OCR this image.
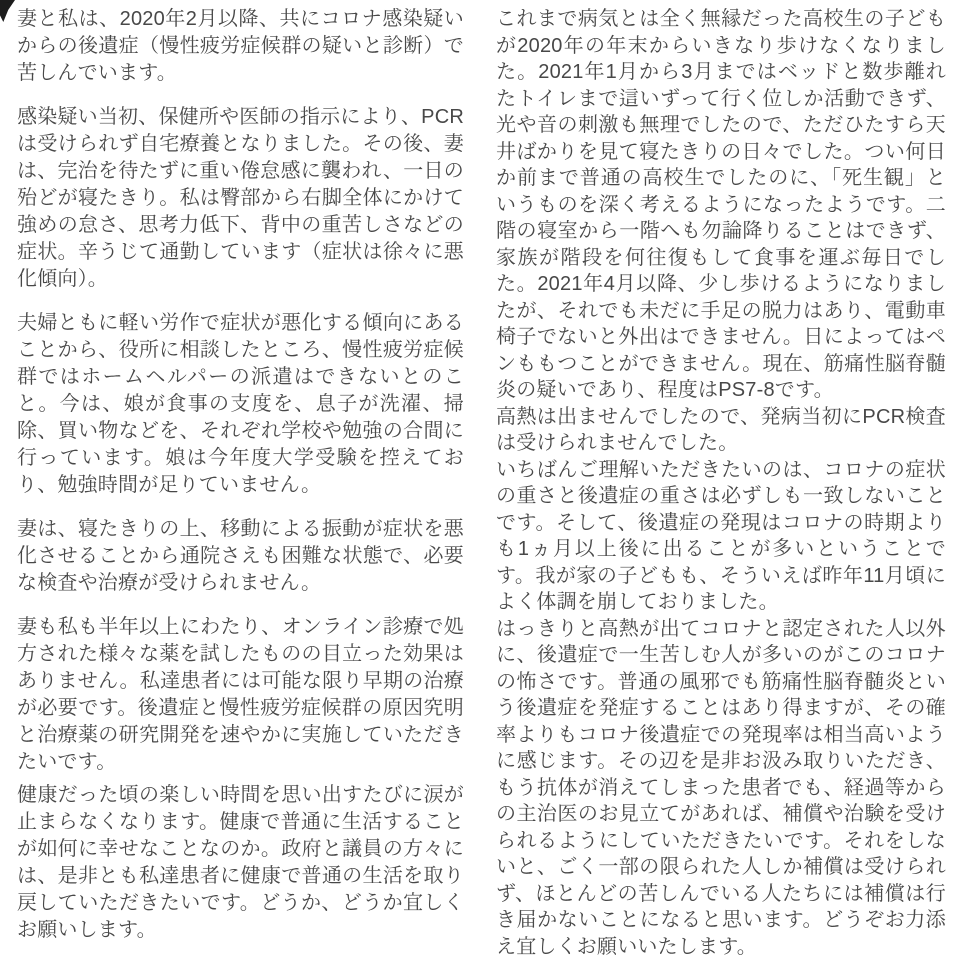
妻と私は、2020年2月以降、共にコロナ感染疑いからの後遺症（慢性疲労症候群の疑いと診断）で苦しんでいます。

感染疑い当初、保健所や医師の指示により、PCRは受けられず自宅療養となりました。その後、妻は、完治を待たずに重い倦怠感に襲われ、一日の殆どが寝たきり。私は臀部から右脚全体にかけて強めの怠さ、思考力低下、背中の重苦しさなどの症状。辛うじて通勤しています（症状は徐々に悪化傾向）。

夫婦ともに軽い労作で症状が悪化する傾向にあることから、役所に相談したところ、慢性疲労症候群ではホームヘルパーの派遣はできないとのこと。今は、娘が食事の支度を、息子が洗濯、掃除、買い物などを、それぞれ学校や勉強の合間に行っています。娘は今年度大学受験を控えており、勉強時間が足りていません。

妻は、寝たきりの上、移動による振動が症状を悪化させることから通院さえも困難な状態で、必要な検査や治療が受けられません。

妻も私も半年以上にわたり、オンライン診療で処方された様々な薬を試したものの目立った効果はありません。私達患者には可能な限り早期の治療が必要です。後遺症と慢性疲労症候群の原因究明と治療薬の研究開発を速やかに実施していただきたいです。

健康だった頃の楽しい時間を思い出すたびに涙が止まらなくなります。健康で普通に生活することが如何に幸せなことなのか。政府と議員の方々には、是非とも私達患者に健康で普通の生活を取り戻していただきたいです。どうか、どうか宜しくお願いします。

これまで病気とは全く無縁だった高校生の子どもが2020年の年末からいきなり歩けなくなりました。2021年1月から3月まではベッドと数歩離れたトイレまで這いずって行く位しか活動できず、光や音の刺激も無理でしたので、ただひたすら天井ばかりを見て寝たきりの日々でした。つい何日か前まで普通の高校生でしたのに、「死生観」というものを深く考えるようになったようです。二階の寝室から一階へも勿論降りることはできず、家族が階段を何往復もして食事を運ぶ毎日でした。2021年4月以降、少し歩けるようになりましたが、それでも未だに手足の脱力はあり、電動車椅子でないと外出はできません。日によってはペンももつことができません。現在、筋痛性脳脊髄炎の疑いであり、程度はPS7-8です。

高熱は出ませんでしたので、発病当初にPCR検査は受けられませんでした。

いちばんご理解いただきたいのは、コロナの症状の重さと後遺症の重さは必ずしも一致しないことです。そして、後遺症の発現はコロナの時期よりも1ヵ月以上後に出ることが多いということです。我が家の子どもも、そういえば昨年11月頃によく体調を崩しておりました。

はっきりと高熱が出てコロナと認定された人以外に、後遺症で一生苦しむ人が多いのがこのコロナの怖さです。普通の風邪でも筋痛性脳脊髄炎という後遺症を発症することはあり得ますが、その確率よりもコロナ後遺症での発現率は相当高いように感じます。その辺を是非お汲み取りいただき、もう抗体が消えてしまった患者でも、経過等からの主治医のお見立てがあれば、補償や治験を受けられるようにしていただきたいです。それをしないと、ごく一部の限られた人しか補償は受けられず、ほとんどの苦しんでいる人たちには補償は行き届かないことになると思います。どうぞお力添え宜しくお願いいたします。
